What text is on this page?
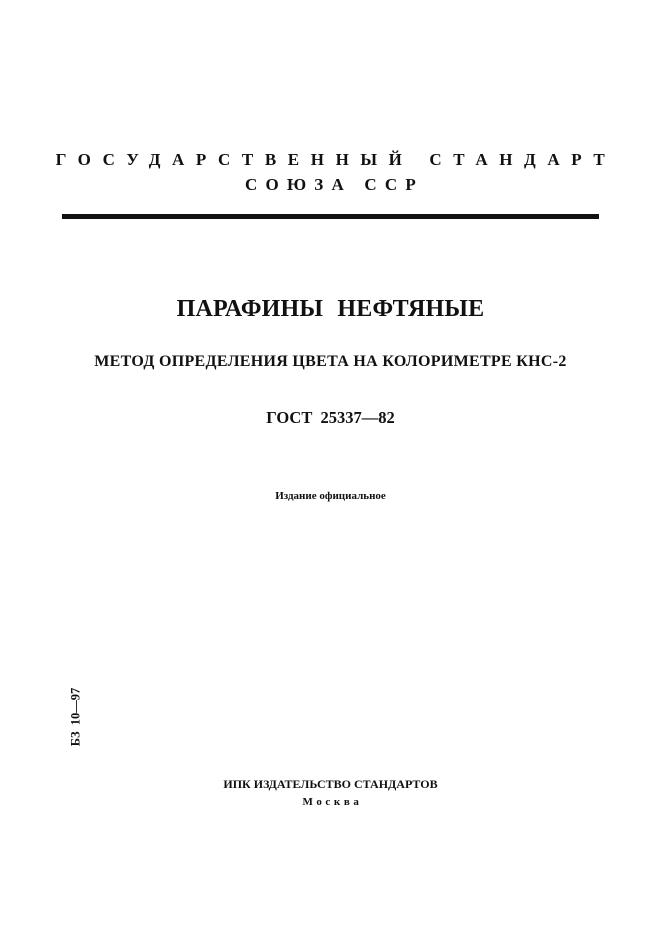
ГОСУДАРСТВЕННЫЙ СТАНДАРТ
СОЮЗА ССР
ПАРАФИНЫ НЕФТЯНЫЕ
МЕТОД ОПРЕДЕЛЕНИЯ ЦВЕТА НА КОЛОРИМЕТРЕ КНС-2
ГОСТ 25337—82
Издание официальное
БЗ 10—97
ИПК ИЗДАТЕЛЬСТВО СТАНДАРТОВ
Москва
